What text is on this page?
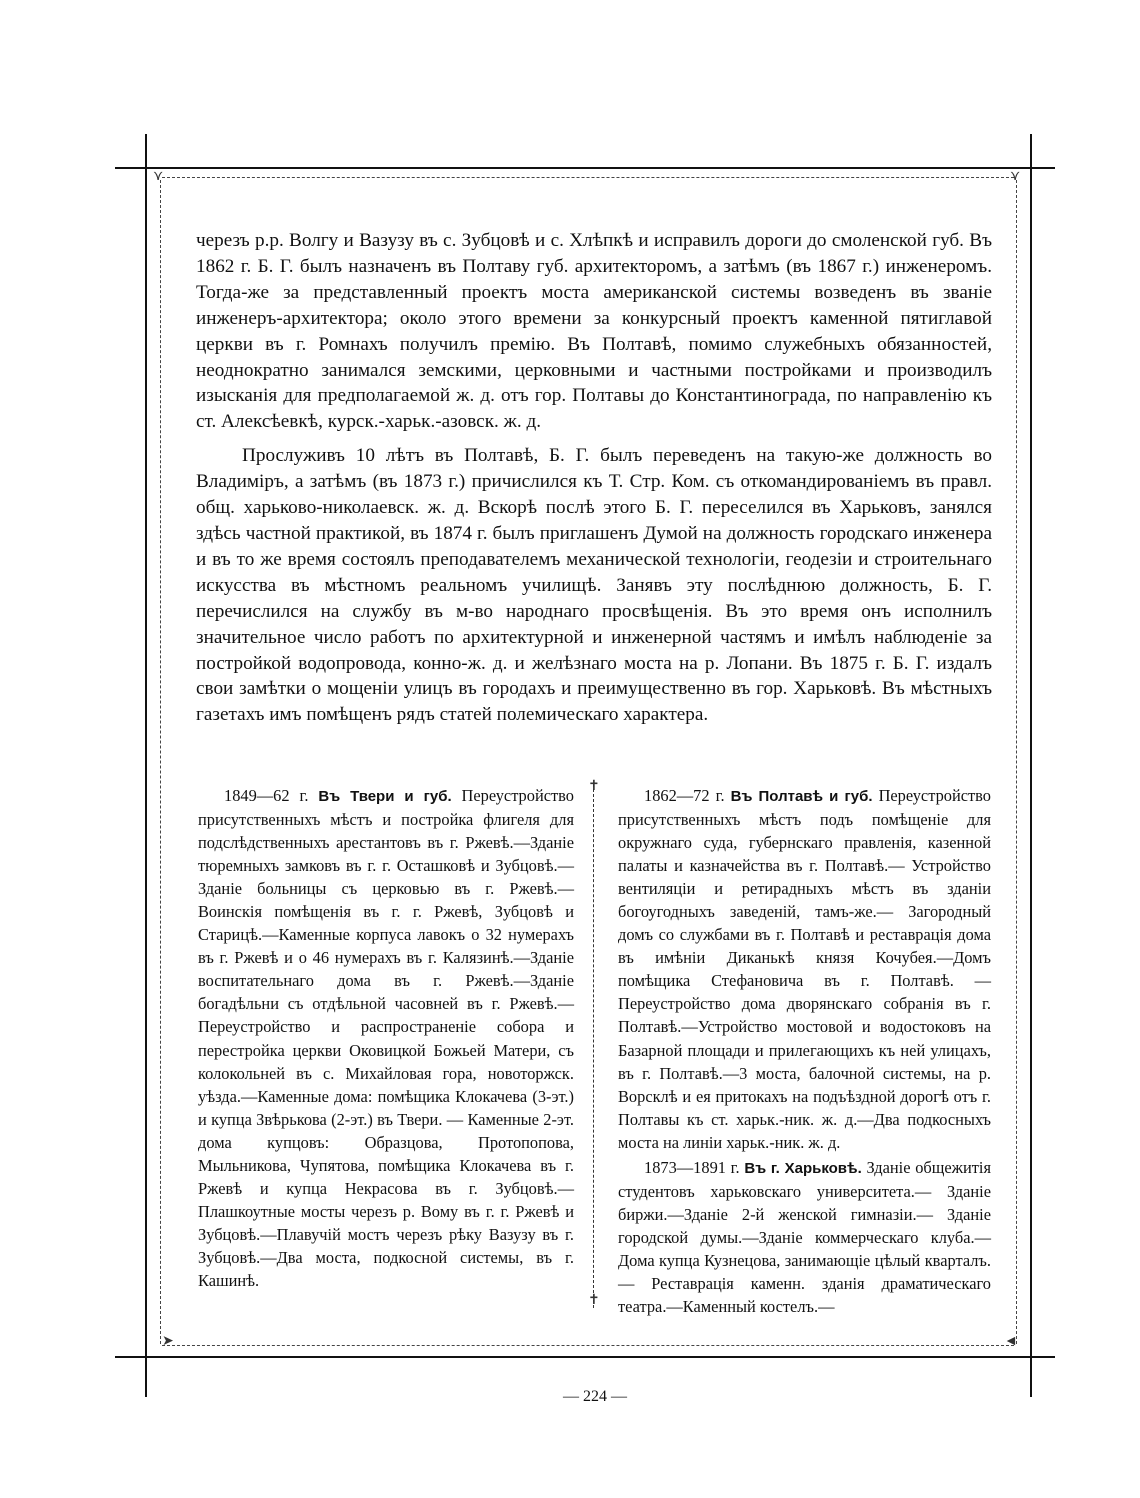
⋎	⋎
➤	◄

черезъ р.р. Волгу и Вазузу въ с. Зубцовѣ и с. Хлѣпкѣ и исправилъ дороги до смоленской губ. Въ 1862 г. Б. Г. былъ назначенъ въ Полтаву губ. архитекторомъ, а затѣмъ (въ 1867 г.) инженеромъ. Тогда-же за представленный проектъ моста американской системы возведенъ въ званіе инженеръ-архитектора; около этого времени за конкурсный проектъ каменной пятиглавой церкви въ г. Ромнахъ получилъ премію. Въ Полтавѣ, помимо служебныхъ обязанностей, неоднократно занимался земскими, церковными и частными постройками и производилъ изысканія для предполагаемой ж. д. отъ гор. Полтавы до Константинограда, по направленію къ ст. Алексѣевкѣ, курск.-харьк.-азовск. ж. д.

Прослуживъ 10 лѣтъ въ Полтавѣ, Б. Г. былъ переведенъ на такую-же должность во Владимiръ, а затѣмъ (въ 1873 г.) причислился къ Т. Стр. Ком. съ откомандированіемъ въ правл. общ. харьково-николаевск. ж. д. Вскорѣ послѣ этого Б. Г. переселился въ Харьковъ, занялся здѣсь частной практикой, въ 1874 г. былъ приглашенъ Думой на должность городскаго инженера и въ то же время состоялъ преподавателемъ механической технологіи, геодезіи и строительнаго искусства въ мѣстномъ реальномъ училищѣ. Занявъ эту послѣднюю должность, Б. Г. перечислился на службу въ м-во народнаго просвѣщенія. Въ это время онъ исполнилъ значительное число работъ по архитектурной и инженерной частямъ и имѣлъ наблюденіе за постройкой водопровода, конно-ж. д. и желѣзнаго моста на р. Лопани. Въ 1875 г. Б. Г. издалъ свои замѣтки о мощеніи улицъ въ городахъ и преимущественно въ гор. Харьковѣ. Въ мѣстныхъ газетахъ имъ помѣщенъ рядъ статей полемическаго характера.

✝
✝

1849—62 г. Въ Твери и губ. Переустройство присутственныхъ мѣстъ и постройка флигеля для подслѣдственныхъ арестантовъ въ г. Ржевѣ.—Зданіе тюремныхъ замковъ въ г. г. Осташковѣ и Зубцовѣ.—Зданіе больницы съ церковью въ г. Ржевѣ.— Воинскія помѣщенія въ г. г. Ржевѣ, Зубцовѣ и Старицѣ.—Каменные корпуса лавокъ о 32 нумерахъ въ г. Ржевѣ и о 46 нумерахъ въ г. Калязинѣ.—Зданіе воспитательнаго дома въ г. Ржевѣ.—Зданіе богадѣльни съ отдѣльной часовней въ г. Ржевѣ.—Переустройство и распространеніе собора и перестройка церкви Оковицкой Божьей Матери, съ колокольней въ с. Михайловая гора, новоторжск. уѣзда.—Каменные дома: помѣщика Клокачева (3-эт.) и купца Звѣрькова (2-эт.) въ Твери. — Каменные 2-эт. дома купцовъ: Образцова, Протопопова, Мыльникова, Чупятова, помѣщика Клокачева въ г. Ржевѣ и купца Некрасова въ г. Зубцовѣ.—Плашкоутные мосты черезъ р. Вому въ г. г. Ржевѣ и Зубцовѣ.—Плавучій мостъ черезъ рѣку Вазузу въ г. Зубцовѣ.—Два моста, подкосной системы, въ г. Кашинѣ.

1862—72 г. Въ Полтавѣ и губ. Переустройство присутственныхъ мѣстъ подъ помѣщеніе для окружнаго суда, губернскаго правленія, казенной палаты и казначейства въ г. Полтавѣ.— Устройство вентиляціи и ретирадныхъ мѣстъ въ зданіи богоугодныхъ заведеній, тамъ-же.— Загородный домъ со службами въ г. Полтавѣ и реставрація дома въ имѣніи Диканькѣ князя Кочубея.—Домъ помѣщика Стефановича въ г. Полтавѣ. — Переустройство дома дворянскаго собранія въ г. Полтавѣ.—Устройство мостовой и водостоковъ на Базарной площади и прилегающихъ къ ней улицахъ, въ г. Полтавѣ.—3 моста, балочной системы, на р. Ворсклѣ и ея притокахъ на подъѣздной дорогѣ отъ г. Полтавы къ ст. харьк.-ник. ж. д.—Два подкосныхъ моста на линіи харьк.-ник. ж. д.

1873—1891 г. Въ г. Харьковѣ. Зданіе общежитія студентовъ харьковскаго университета.— Зданіе биржи.—Зданіе 2-й женской гимназіи.— Зданіе городской думы.—Зданіе коммерческаго клуба.—Дома купца Кузнецова, занимающіе цѣлый кварталъ. — Реставрація каменн. зданія драматическаго театра.—Каменный костелъ.—

— 224 —
